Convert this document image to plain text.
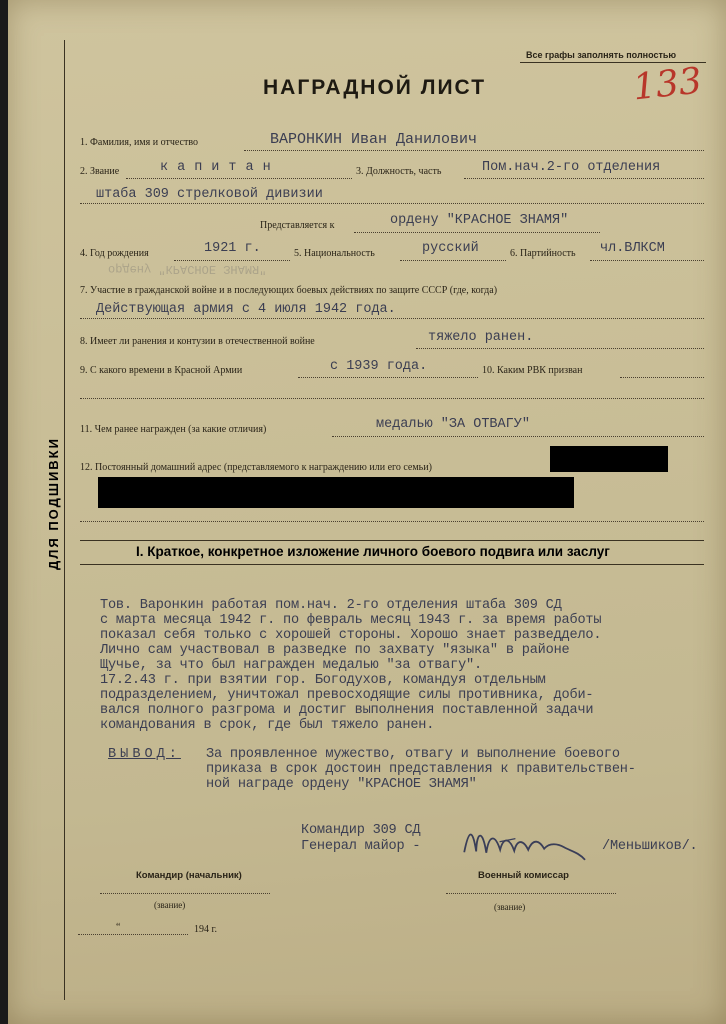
ДЛЯ ПОДШИВКИ
Все графы заполнять полностью
133
НАГРАДНОЙ ЛИСТ
1. Фамилия, имя и отчество	ВАРОНКИН Иван Данилович
2. Звание	капитан	3. Должность, часть	Пом.нач.2-го отделения
штаба 309 стрелковой дивизии
Представляется к	ордену "КРАСНОЕ ЗНАМЯ"
4. Год рождения	1921 г.	5. Национальность	русский	6. Партийность чл.ВЛКСМ
ордену "КРАСНОЕ ЗНАМЯ"
7. Участие в гражданской войне и в последующих боевых действиях по защите СССР (где, когда)
Действующая армия с 4 июля 1942 года.
8. Имеет ли ранения и контузии в отечественной войне	тяжело ранен.
9. С какого времени в Красной Армии	с 1939 года.	10. Каким РВК призван
11. Чем ранее награжден (за какие отличия)	медалью "ЗА ОТВАГУ"
12. Постоянный домашний адрес (представляемого к награждению или его семьи)
I. Краткое, конкретное изложение личного боевого подвига или заслуг
Тов. Варонкин работая пом.нач. 2-го отделения штаба 309 СД
с марта месяца 1942 г. по февраль месяц 1943 г. за время работы
показал себя только с хорошей стороны. Хорошо знает разведдело.
Лично сам участвовал в разведке по захвату "языка" в районе
Щучье, за что был награжден медалью "за отвагу".
17.2.43 г. при взятии гор. Богодухов, командуя отдельным
подразделением, уничтожал превосходящие силы противника, доби-
вался полного разгрома и достиг выполнения поставленной задачи
командования в срок, где был тяжело ранен.
ВЫВОД: За проявленное мужество, отвагу и выполнение боевого
приказа в срок достоин представления к правительствен-
ной награде ордену "КРАСНОЕ ЗНАМЯ"
Командир 309 СД
Генерал майор -	/Меньшиков/.
Командир (начальник)
(звание)
Военный комиссар
(звание)
“	194 г.
